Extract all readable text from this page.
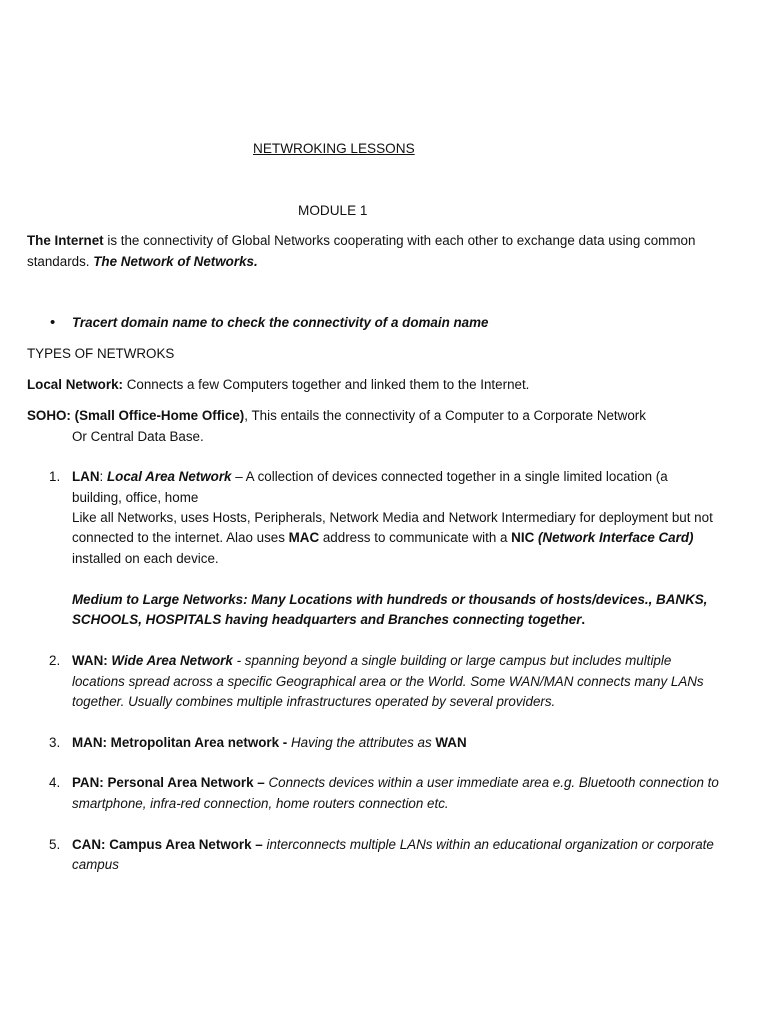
NETWROKING LESSONS
MODULE 1
The Internet is the connectivity of Global Networks cooperating with each other to exchange data using common
standards. The Network of Networks.
• Tracert domain name to check the connectivity of a domain name
TYPES OF NETWROKS
Local Network: Connects a few Computers together and linked them to the Internet.
SOHO: (Small Office-Home Office), This entails the connectivity of a Computer to a Corporate Network
Or Central Data Base.
1. LAN: Local Area Network – A collection of devices connected together in a single limited location (a
building, office, home
Like all Networks, uses Hosts, Peripherals, Network Media and Network Intermediary for deployment but not
connected to the internet. Alao uses MAC address to communicate with a NIC (Network Interface Card)
installed on each device.
Medium to Large Networks: Many Locations with hundreds or thousands of hosts/devices., BANKS,
SCHOOLS, HOSPITALS having headquarters and Branches connecting together.
2. WAN: Wide Area Network - spanning beyond a single building or large campus but includes multiple
locations spread across a specific Geographical area or the World. Some WAN/MAN connects many LANs
together. Usually combines multiple infrastructures operated by several providers.
3. MAN: Metropolitan Area network - Having the attributes as WAN
4. PAN: Personal Area Network – Connects devices within a user immediate area e.g. Bluetooth connection to
smartphone, infra-red connection, home routers connection etc.
5. CAN: Campus Area Network – interconnects multiple LANs within an educational organization or corporate
campus
